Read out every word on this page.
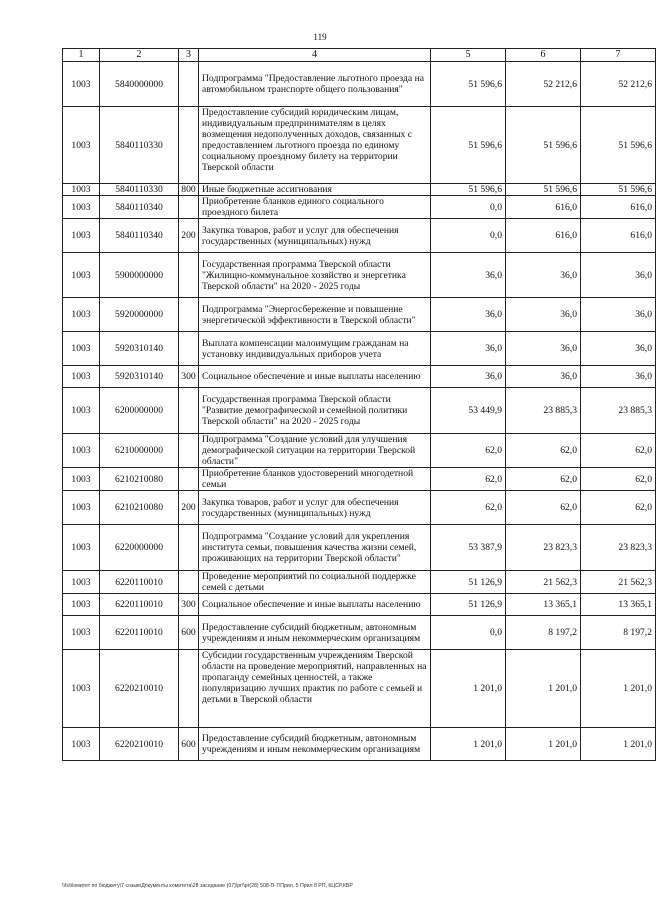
119
1	2	3	4	5	6	7
1003	5840000000		Подпрограмма "Предоставление льготного проезда на автомобильном транспорте общего пользования"	51 596,6	52 212,6	52 212,6
1003	5840110330		Предоставление субсидий юридическим лицам, индивидуальным предпринимателям в целях возмещения недополученных доходов, связанных с предоставлением льготного проезда по единому социальному проездному билету на территории Тверской области	51 596,6	51 596,6	51 596,6
1003	5840110330	800	Иные бюджетные ассигнования	51 596,6	51 596,6	51 596,6
1003	5840110340		Приобретение бланков единого социального проездного билета	0,0	616,0	616,0
1003	5840110340	200	Закупка товаров, работ и услуг для обеспечения государственных (муниципальных) нужд	0,0	616,0	616,0
1003	5900000000		Государственная программа Тверской области "Жилищно-коммунальное хозяйство и энергетика Тверской области" на 2020 - 2025 годы	36,0	36,0	36,0
1003	5920000000		Подпрограмма "Энергосбережение и повышение энергетической эффективности в Тверской области"	36,0	36,0	36,0
1003	5920310140		Выплата компенсации малоимущим гражданам на установку индивидуальных приборов учета	36,0	36,0	36,0
1003	5920310140	300	Социальное обеспечение и иные выплаты населению	36,0	36,0	36,0
1003	6200000000		Государственная программа Тверской области "Развитие демографической и семейной политики Тверской области" на 2020 - 2025 годы	53 449,9	23 885,3	23 885,3
1003	6210000000		Подпрограмма "Создание условий для улучшения демографической ситуации на территории Тверской области"	62,0	62,0	62,0
1003	6210210080		Приобретение бланков удостоверений многодетной семьи	62,0	62,0	62,0
1003	6210210080	200	Закупка товаров, работ и услуг для обеспечения государственных (муниципальных) нужд	62,0	62,0	62,0
1003	6220000000		Подпрограмма "Создание условий для укрепления института семьи, повышения качества жизни семей, проживающих на территории Тверской области"	53 387,9	23 823,3	23 823,3
1003	6220110010		Проведение мероприятий по социальной поддержке семей с детьми	51 126,9	21 562,3	21 562,3
1003	6220110010	300	Социальное обеспечение и иные выплаты населению	51 126,9	13 365,1	13 365,1
1003	6220110010	600	Предоставление субсидий бюджетным, автономным учреждениям и иным некоммерческим организациям	0,0	8 197,2	8 197,2
1003	6220210010		Субсидии государственным учреждениям Тверской области на проведение мероприятий, направленных на пропаганду семейных ценностей, а также популяризацию лучших практик по работе с семьей и детьми в Тверской области	1 201,0	1 201,0	1 201,0
1003	6220210010	600	Предоставление субсидий бюджетным, автономным учреждениям и иным некоммерческим организациям	1 201,0	1 201,0	1 201,0
\\fs\Комитет по бюджету\7 созыв\Документы комитета\28 заседание (07)\pr\\pr(28) 508-П-7\Прил. 5 Прил 8 РП, КЦСР,КВР
